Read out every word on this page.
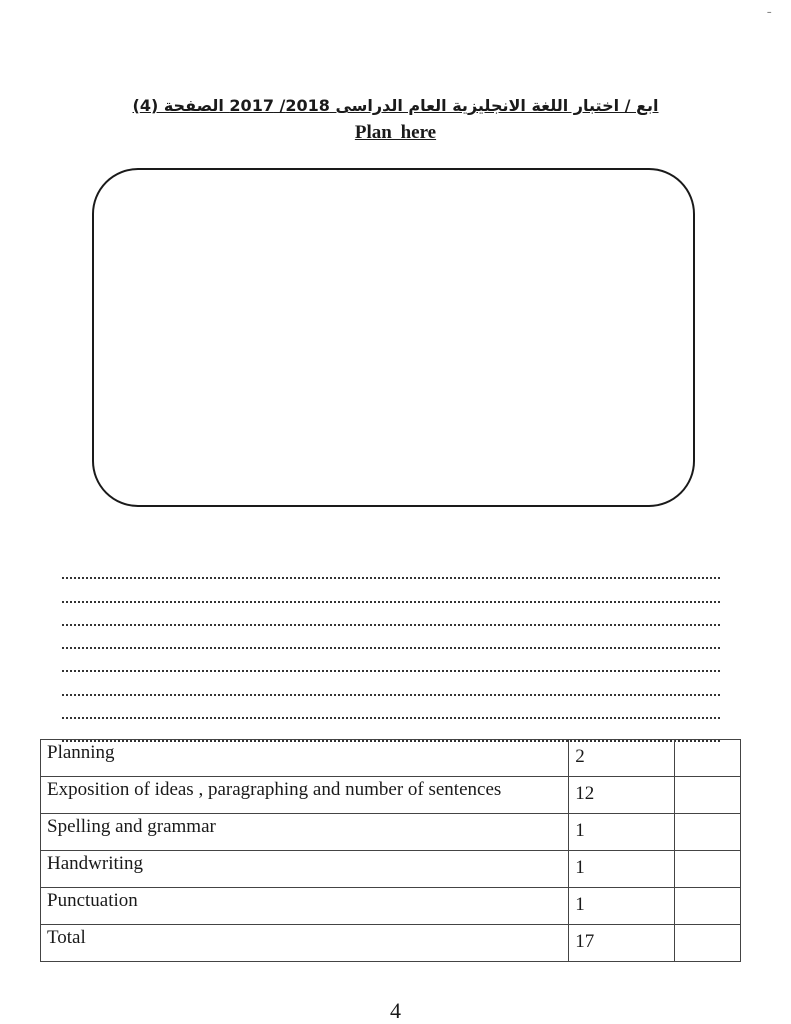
ـ
ابع / اختبار اللغة الانجليزية العام الدراسى 2018/ 2017 الصفحة (4)
Plan here
Planning	2	
Exposition of ideas , paragraphing and number of sentences	12	
Spelling and grammar	1	
Handwriting	1	
Punctuation	1	
Total	17	
4
